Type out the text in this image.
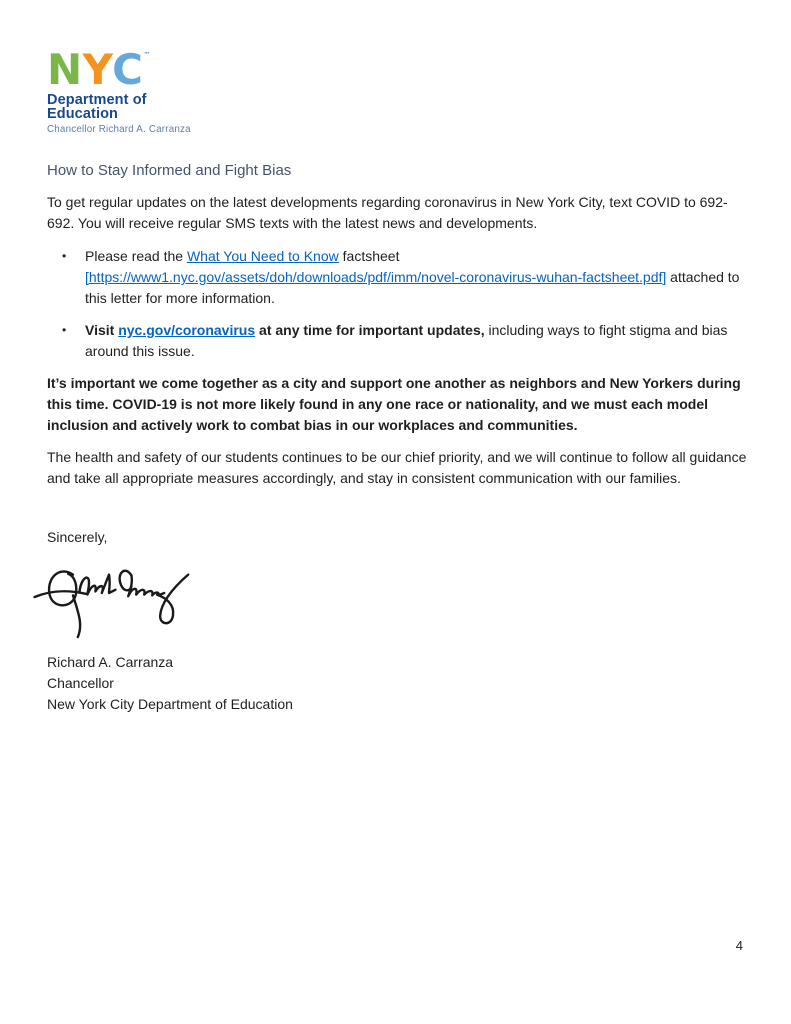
NYC™
Department of
Education
Chancellor Richard A. Carranza
How to Stay Informed and Fight Bias

To get regular updates on the latest developments regarding coronavirus in New York City, text COVID to 692-692. You will receive regular SMS texts with the latest news and developments.

•	Please read the What You Need to Know factsheet [https://www1.nyc.gov/assets/doh/downloads/pdf/imm/novel-coronavirus-wuhan-factsheet.pdf] attached to this letter for more information.
•	Visit nyc.gov/coronavirus at any time for important updates, including ways to fight stigma and bias around this issue.

It’s important we come together as a city and support one another as neighbors and New Yorkers during this time. COVID-19 is not more likely found in any one race or nationality, and we must each model inclusion and actively work to combat bias in our workplaces and communities.

The health and safety of our students continues to be our chief priority, and we will continue to follow all guidance and take all appropriate measures accordingly, and stay in consistent communication with our families.

Sincerely,
Richard A. Carranza
Chancellor
New York City Department of Education
4
